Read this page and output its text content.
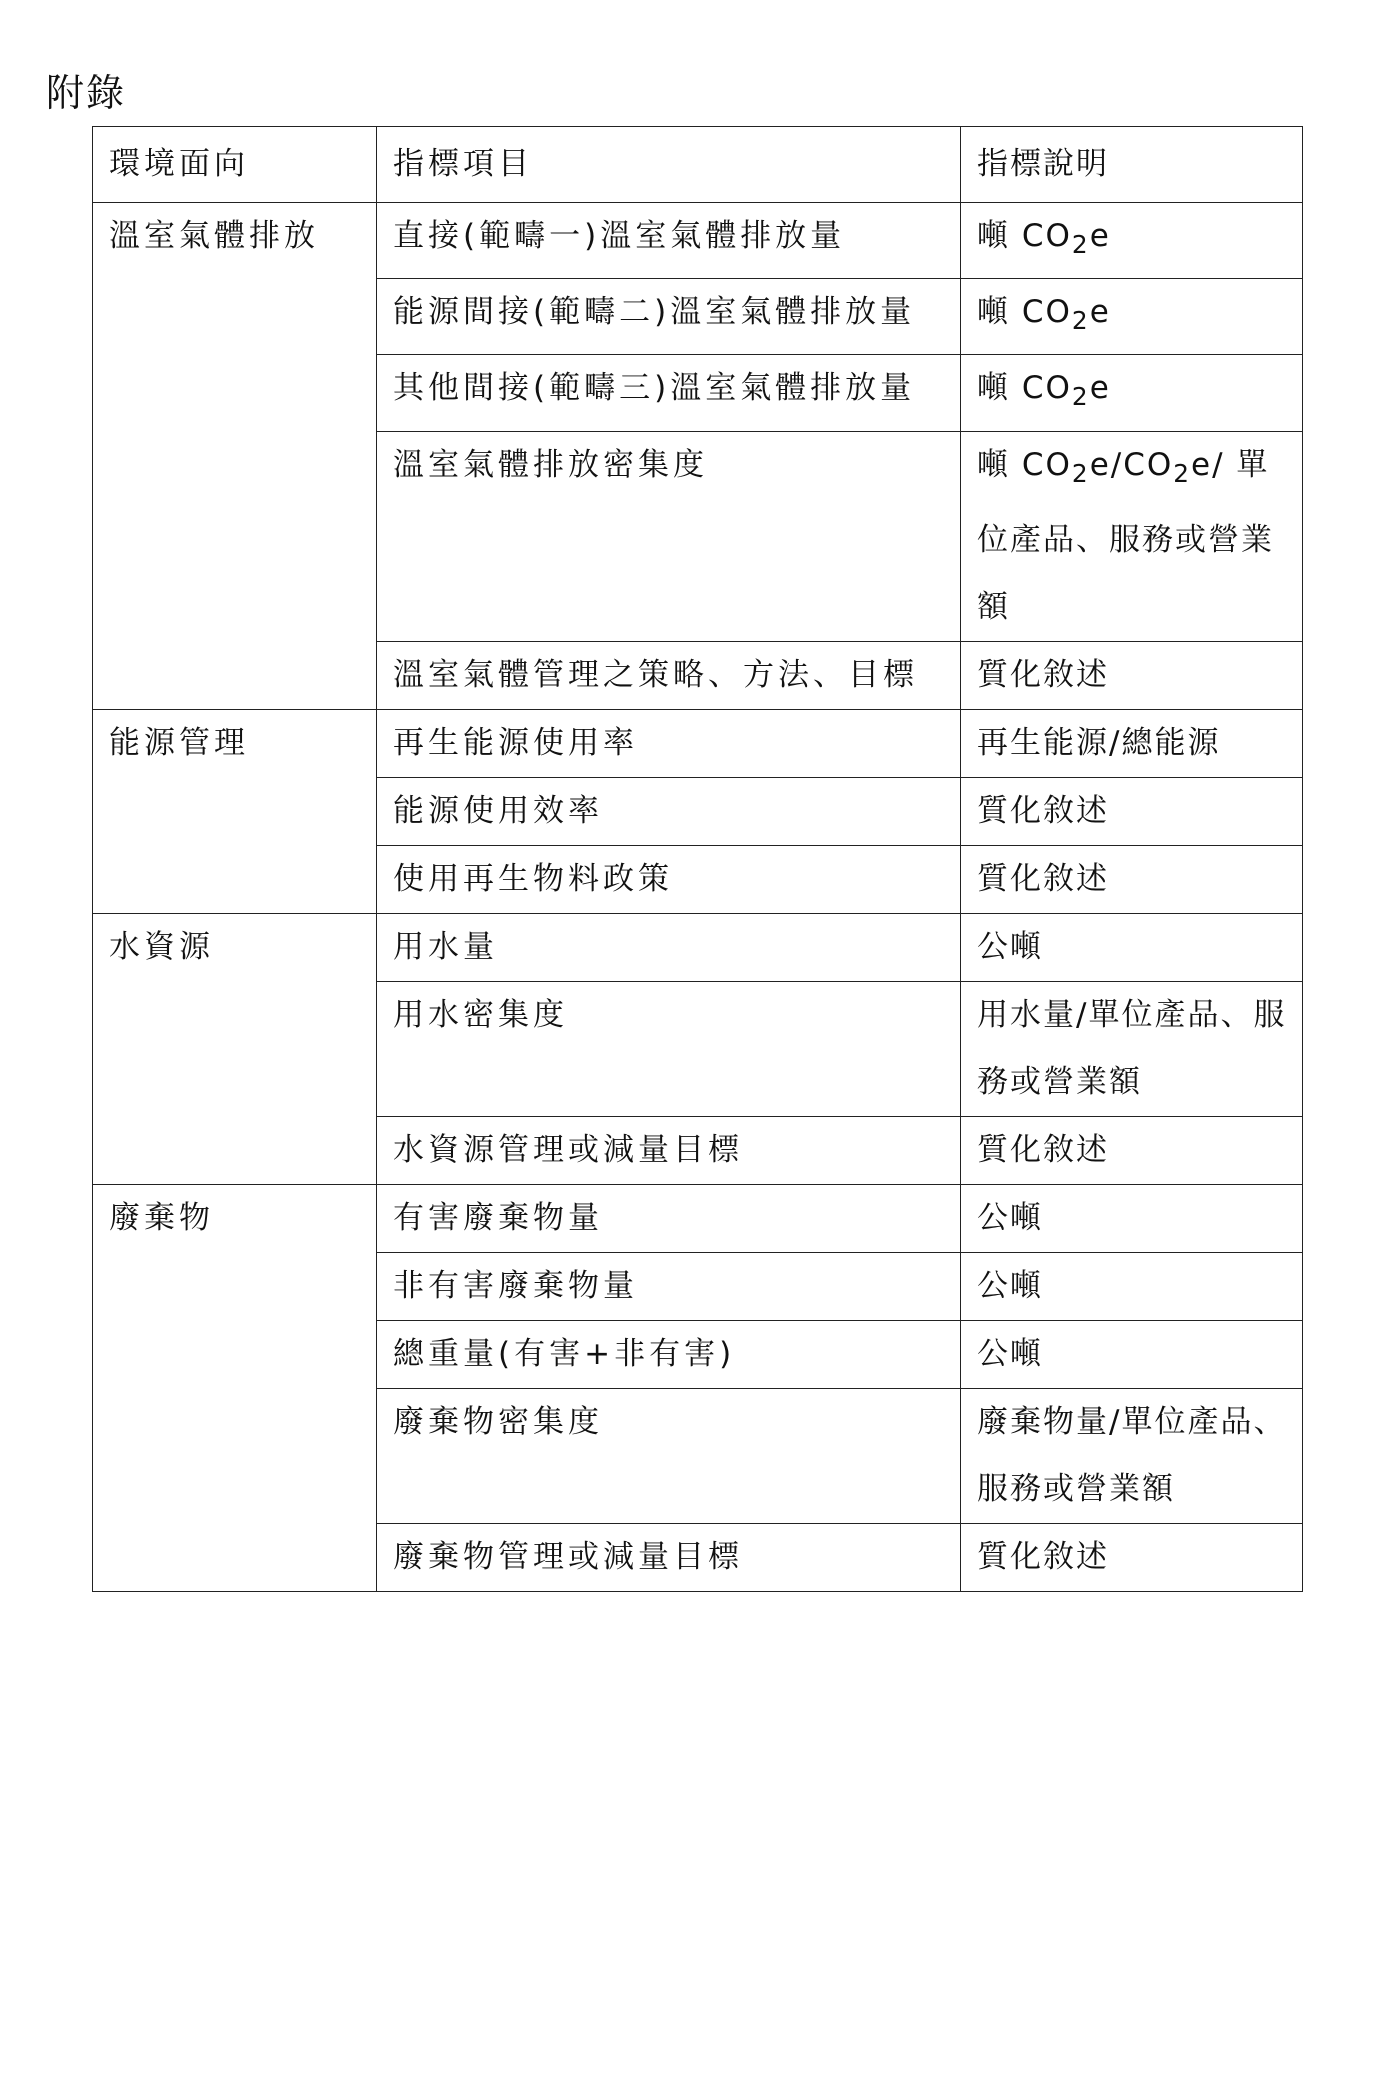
附錄
環境面向	指標項目	指標說明
溫室氣體排放	直接(範疇一)溫室氣體排放量	噸 $CO_2e$
	能源間接(範疇二)溫室氣體排放量	噸 $CO_2e$
	其他間接(範疇三)溫室氣體排放量	噸 $CO_2e$
	溫室氣體排放密集度	噸 $CO_2e/CO_2e/$ 單位產品、服務或營業額
	溫室氣體管理之策略、方法、目標	質化敘述
能源管理	再生能源使用率	再生能源/總能源
	能源使用效率	質化敘述
	使用再生物料政策	質化敘述
水資源	用水量	公噸
	用水密集度	用水量/單位產品、服務或營業額
	水資源管理或減量目標	質化敘述
廢棄物	有害廢棄物量	公噸
	非有害廢棄物量	公噸
	總重量(有害+非有害)	公噸
	廢棄物密集度	廢棄物量/單位產品、服務或營業額
	廢棄物管理或減量目標	質化敘述
